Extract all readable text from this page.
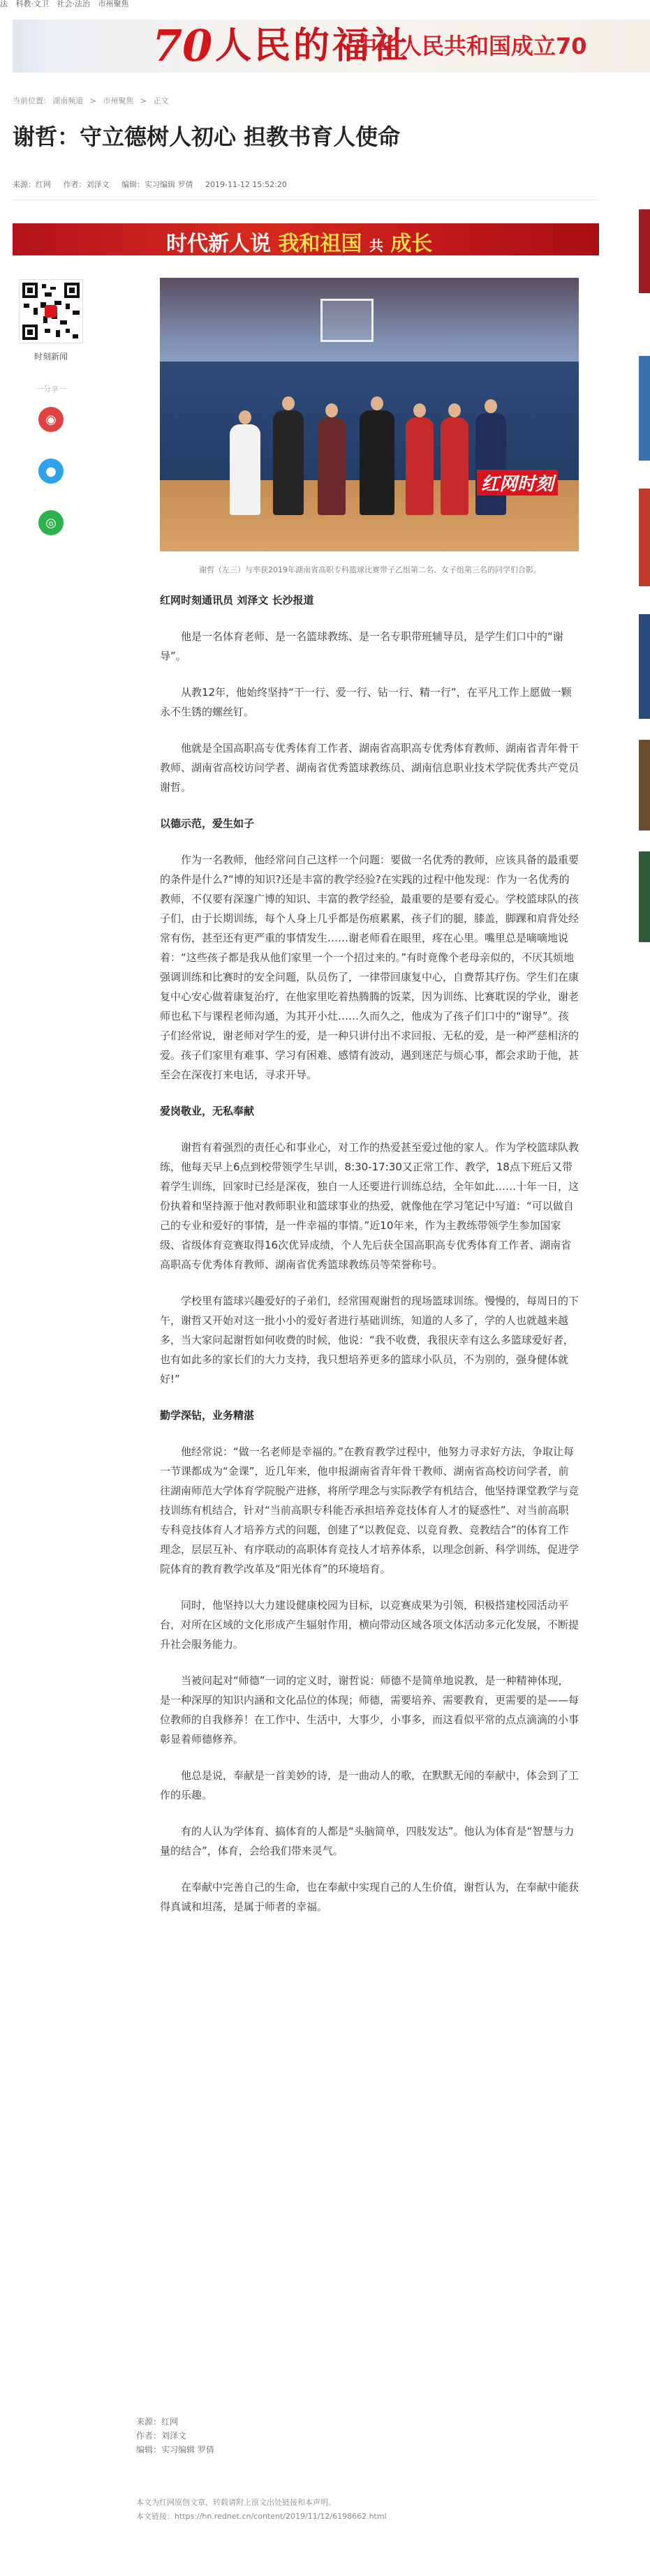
法 科教·文卫 社会·法治 市州聚焦
70 人民的福祉
中华人民共和国成立70
当前位置: 湖南频道 > 市州聚焦 > 正文
谢哲：守立德树人初心 担教书育人使命
来源：红网 作者：刘泽文 编辑：实习编辑 罗倩 2019-11-12 15:52:20
时代新人说 我和祖国 共 成长
时刻新闻
一分享一
◉
●
◎
红网时刻
谢哲（左三）与率获2019年湖南省高职专科篮球比赛带子乙组第二名、女子组第三名的同学们合影。

红网时刻通讯员 刘泽文 长沙报道

他是一名体育老师、是一名篮球教练、是一名专职带班辅导员，是学生们口中的“谢导”。

从教12年，他始终坚持“干一行、爱一行、钻一行、精一行”，在平凡工作上愿做一颗永不生锈的螺丝钉。

他就是全国高职高专优秀体育工作者、湖南省高职高专优秀体育教师、湖南省青年骨干教师、湖南省高校访问学者、湖南省优秀篮球教练员、湖南信息职业技术学院优秀共产党员谢哲。

以德示范，爱生如子

作为一名教师，他经常问自己这样一个问题：要做一名优秀的教师，应该具备的最重要的条件是什么?“博的知识?还是丰富的教学经验?在实践的过程中他发现：作为一名优秀的教师，不仅要有深邃广博的知识、丰富的教学经验，最重要的是要有爱心。学校篮球队的孩子们，由于长期训练，每个人身上几乎都是伤痕累累，孩子们的腿，膝盖，脚踝和肩背处经常有伤，甚至还有更严重的事情发生……谢老师看在眼里，疼在心里。嘴里总是嘀嘀地说着：“这些孩子都是我从他们家里一个一个招过来的。”有时竟像个老母亲似的，不厌其烦地强调训练和比赛时的安全问题，队员伤了，一律带回康复中心，自费帮其疗伤。学生们在康复中心安心做着康复治疗，在他家里吃着热腾腾的饭菜，因为训练、比赛耽误的学业，谢老师也私下与课程老师沟通，为其开小灶……久而久之，他成为了孩子们口中的“谢导”。孩子们经常说，谢老师对学生的爱，是一种只讲付出不求回报、无私的爱，是一种严慈相济的爱。孩子们家里有难事、学习有困难、感情有波动，遇到迷茫与烦心事，都会求助于他，甚至会在深夜打来电话，寻求开导。

爱岗敬业，无私奉献

谢哲有着强烈的责任心和事业心，对工作的热爱甚至爱过他的家人。作为学校篮球队教练，他每天早上6点到校带领学生早训，8:30-17:30又正常工作、教学，18点下班后又带着学生训练，回家时已经是深夜，独自一人还要进行训练总结，全年如此……十年一日，这份执着和坚持源于他对教师职业和篮球事业的热爱，就像他在学习笔记中写道：“可以做自己的专业和爱好的事情，是一件幸福的事情。”近10年来，作为主教练带领学生参加国家级、省级体育竞赛取得16次优异成绩，个人先后获全国高职高专优秀体育工作者、湖南省高职高专优秀体育教师、湖南省优秀篮球教练员等荣誉称号。

学校里有篮球兴趣爱好的子弟们，经常围观谢哲的现场篮球训练。慢慢的，每周日的下午，谢哲又开始对这一批小小的爱好者进行基础训练，知道的人多了，学的人也就越来越多，当大家问起谢哲如何收费的时候，他说：“我不收费，我很庆幸有这么多篮球爱好者，也有如此多的家长们的大力支持，我只想培养更多的篮球小队员，不为别的，强身健体就好!”

勤学深钻，业务精湛

他经常说：“做一名老师是幸福的。”在教育教学过程中，他努力寻求好方法，争取让每一节课都成为“金课”，近几年来，他申报湖南省青年骨干教师、湖南省高校访问学者，前往湖南师范大学体育学院脱产进修，将所学理念与实际教学有机结合，他坚持课堂教学与竞技训练有机结合，针对“当前高职专科能否承担培养竞技体育人才的疑惑性”、对当前高职专科竞技体育人才培养方式的问题，创建了“以教促竞、以竞育教、竞教结合”的体育工作理念，层层互补、有序联动的高职体育竞技人才培养体系，以理念创新、科学训练，促进学院体育的教育教学改革及“阳光体育”的环境培育。

同时，他坚持以大力建设健康校园为目标，以竞赛成果为引领，积极搭建校园活动平台，对所在区域的文化形成产生辐射作用，横向带动区域各项文体活动多元化发展，不断提升社会服务能力。

当被问起对“师德”一词的定义时，谢哲说：师德不是简单地说教，是一种精神体现，是一种深厚的知识内涵和文化品位的体现；师德，需要培养、需要教育，更需要的是——每位教师的自我修养！在工作中、生活中，大事少，小事多，而这看似平常的点点滴滴的小事彰显着师德修养。

他总是说，奉献是一首美妙的诗，是一曲动人的歌，在默默无闻的奉献中，体会到了工作的乐趣。

有的人认为学体育、搞体育的人都是“头脑简单，四肢发达”。他认为体育是“智慧与力量的结合”，体育，会给我们带来灵气。

在奉献中完善自己的生命，也在奉献中实现自己的人生价值，谢哲认为，在奉献中能获得真诚和坦荡，是属于师者的幸福。

来源：红网
作者：刘泽文
编辑：实习编辑 罗倩
本文为红网原创文章，转载请附上原文出处链接和本声明。
本文链接：https://hn.rednet.cn/content/2019/11/12/6198662.html
